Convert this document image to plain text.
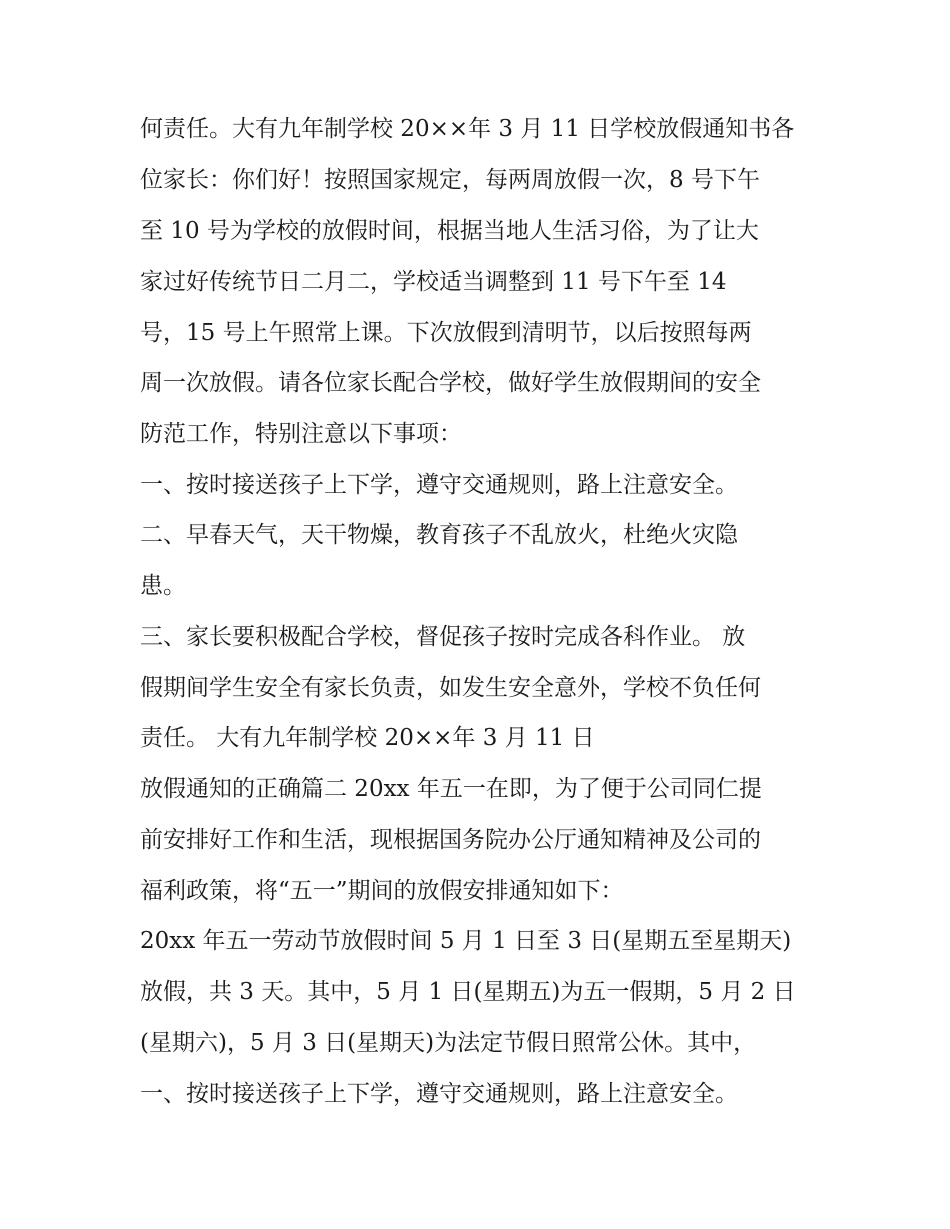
何责任。大有九年制学校 20××年 3 月 11 日学校放假通知书各

位家长：你们好！按照国家规定，每两周放假一次，8 号下午

至 10 号为学校的放假时间，根据当地人生活习俗，为了让大

家过好传统节日二月二，学校适当调整到 11 号下午至 14

号，15 号上午照常上课。下次放假到清明节，以后按照每两

周一次放假。请各位家长配合学校，做好学生放假期间的安全

防范工作，特别注意以下事项：

一、按时接送孩子上下学，遵守交通规则，路上注意安全。

二、早春天气，天干物燥，教育孩子不乱放火，杜绝火灾隐

患。

三、家长要积极配合学校，督促孩子按时完成各科作业。 放

假期间学生安全有家长负责，如发生安全意外，学校不负任何

责任。 大有九年制学校 20××年 3 月 11 日

放假通知的正确篇二 20xx 年五一在即，为了便于公司同仁提

前安排好工作和生活，现根据国务院办公厅通知精神及公司的

福利政策，将“五一”期间的放假安排通知如下：

20xx 年五一劳动节放假时间 5 月 1 日至 3 日(星期五至星期天)

放假，共 3 天。其中，5 月 1 日(星期五)为五一假期，5 月 2 日

(星期六)，5 月 3 日(星期天)为法定节假日照常公休。其中，

一、按时接送孩子上下学，遵守交通规则，路上注意安全。
